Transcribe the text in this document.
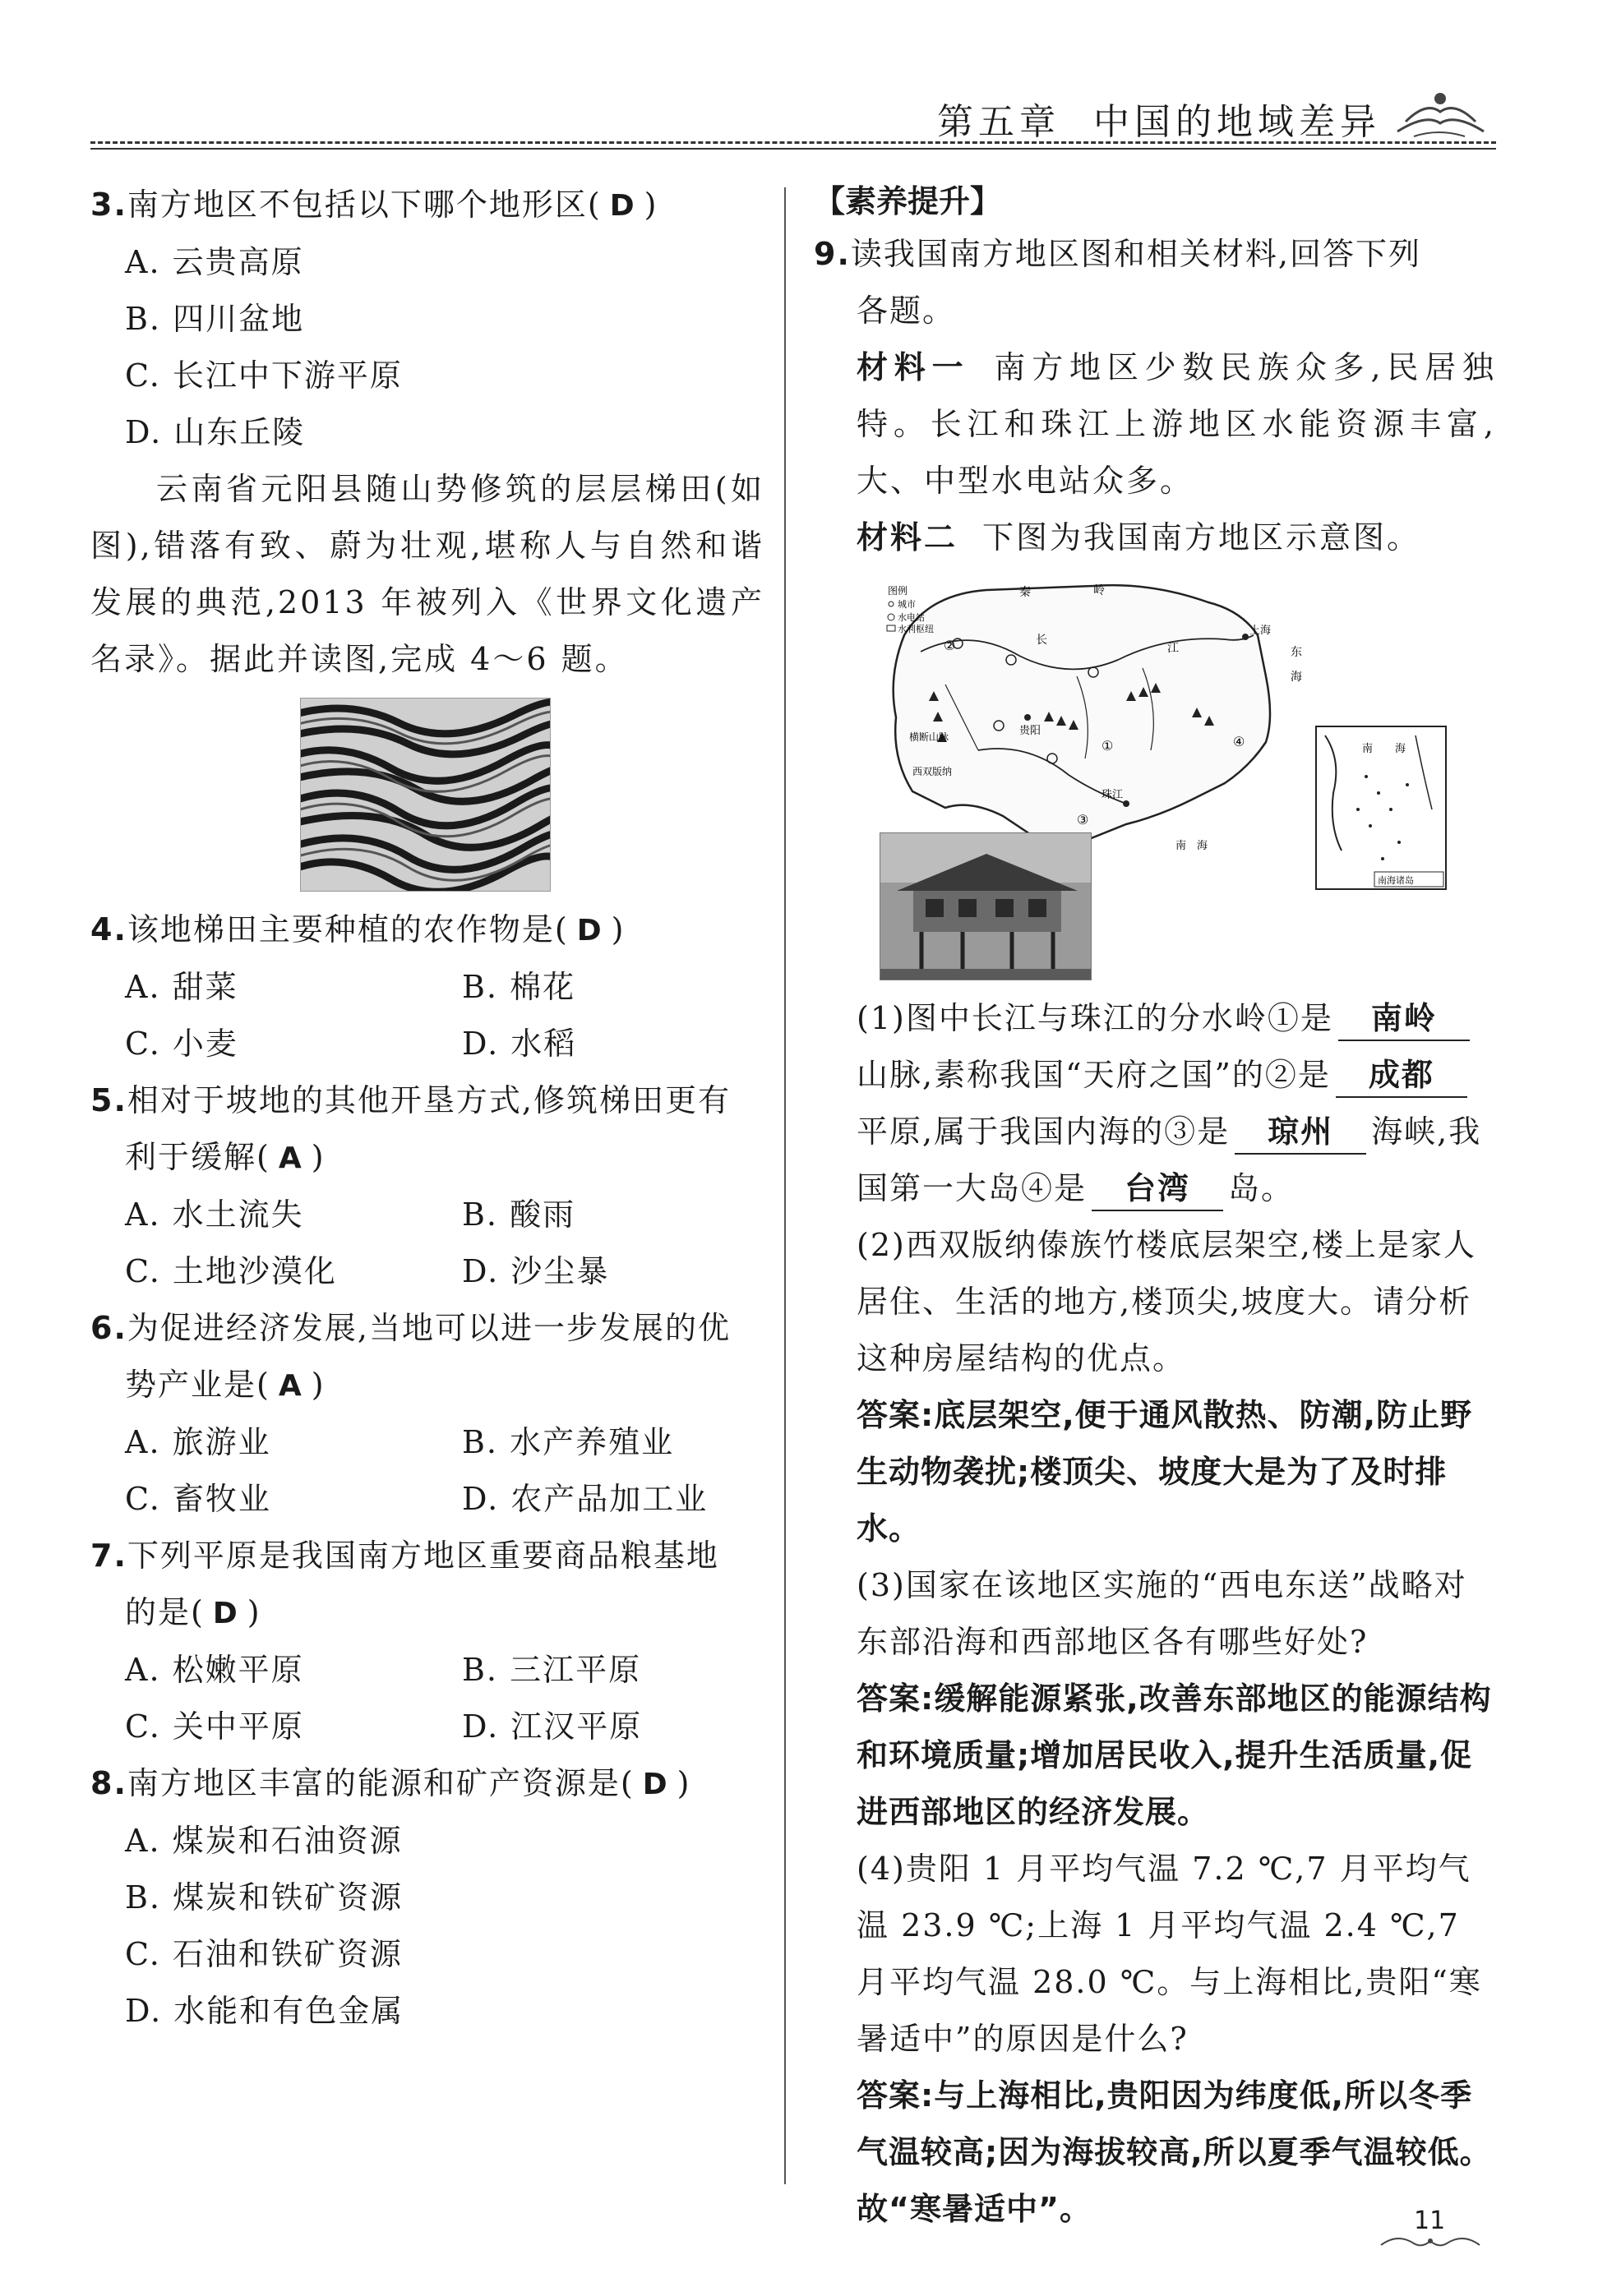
第五章 中国的地域差异
3.南方地区不包括以下哪个地形区( D )
A. 云贵高原
B. 四川盆地
C. 长江中下游平原
D. 山东丘陵
云南省元阳县随山势修筑的层层梯田(如图),错落有致、蔚为壮观,堪称人与自然和谐发展的典范,2013 年被列入《世界文化遗产名录》。据此并读图,完成 4～6 题。
4.该地梯田主要种植的农作物是( D )
A. 甜菜	B. 棉花
C. 小麦	D. 水稻
5.相对于坡地的其他开垦方式,修筑梯田更有
利于缓解( A )
A. 水土流失	B. 酸雨
C. 土地沙漠化	D. 沙尘暴
6.为促进经济发展,当地可以进一步发展的优
势产业是( A )
A. 旅游业	B. 水产养殖业
C. 畜牧业	D. 农产品加工业
7.下列平原是我国南方地区重要商品粮基地
的是( D )
A. 松嫩平原	B. 三江平原
C. 关中平原	D. 江汉平原
8.南方地区丰富的能源和矿产资源是( D )
A. 煤炭和石油资源
B. 煤炭和铁矿资源
C. 石油和铁矿资源
D. 水能和有色金属
【素养提升】
9.读我国南方地区图和相关材料,回答下列
各题。
材料一 南方地区少数民族众多,民居独特。长江和珠江上游地区水能资源丰富,大、中型水电站众多。
材料二 下图为我国南方地区示意图。
②
①
③
④
秦	岭
长
江
上海
东
海
贵阳
横断山脉
西双版纳
珠江
南　海
图例
城市
水电站
水利枢纽
南 海
南海诸岛
(1)图中长江与珠江的分水岭①是 南岭山脉,素称我国“天府之国”的②是 成都平原,属于我国内海的③是 琼州 海峡,我国第一大岛④是 台湾 岛。
(2)西双版纳傣族竹楼底层架空,楼上是家人居住、生活的地方,楼顶尖,坡度大。请分析这种房屋结构的优点。
答案:底层架空,便于通风散热、防潮,防止野生动物袭扰;楼顶尖、坡度大是为了及时排水。
(3)国家在该地区实施的“西电东送”战略对东部沿海和西部地区各有哪些好处?
答案:缓解能源紧张,改善东部地区的能源结构和环境质量;增加居民收入,提升生活质量,促进西部地区的经济发展。
(4)贵阳 1 月平均气温 7.2 ℃,7 月平均气温 23.9 ℃;上海 1 月平均气温 2.4 ℃,7 月平均气温 28.0 ℃。与上海相比,贵阳“寒暑适中”的原因是什么?
答案:与上海相比,贵阳因为纬度低,所以冬季气温较高;因为海拔较高,所以夏季气温较低。故“寒暑适中”。	11
